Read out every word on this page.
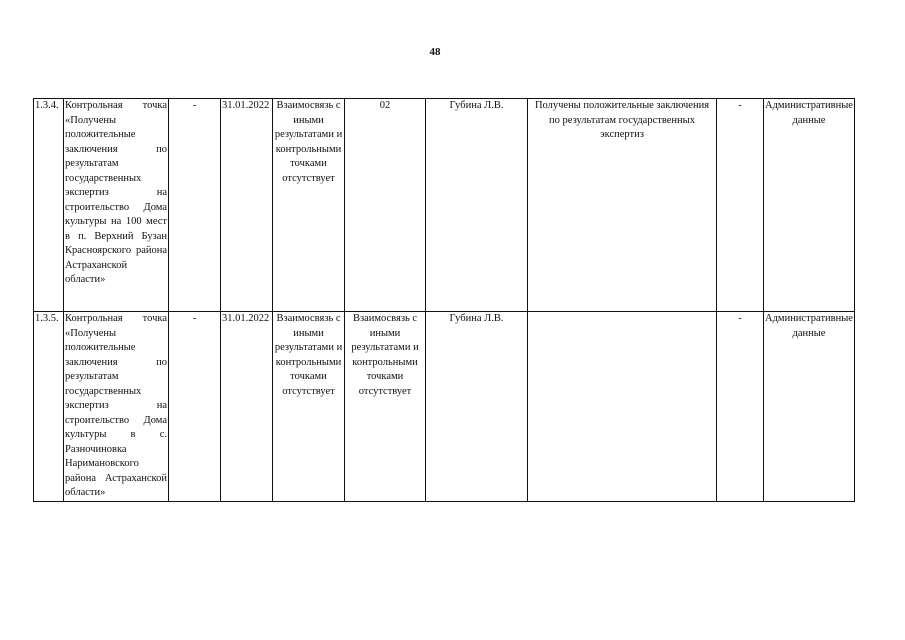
48
1.3.4.	Контрольная точка «Получены положительные заключения по результатам государственных экспертиз на строительство Дома культуры на 100 мест в п. Верхний Бузан Красноярского района Астраханской области»	-	31.01.2022	Взаимосвязь с иными результатами и контрольными точками отсутствует	02	Губина Л.В.	Получены положительные заключения по результатам государственных экспертиз	-	Административные данные
1.3.5.	Контрольная точка «Получены положительные заключения по результатам государственных экспертиз на строительство Дома культуры в с. Разночиновка Наримановского района Астраханской области»	-	31.01.2022	Взаимосвязь с иными результатами и контрольными точками отсутствует	Взаимосвязь с иными результатами и контрольными точками отсутствует	Губина Л.В.		-	Административные данные
